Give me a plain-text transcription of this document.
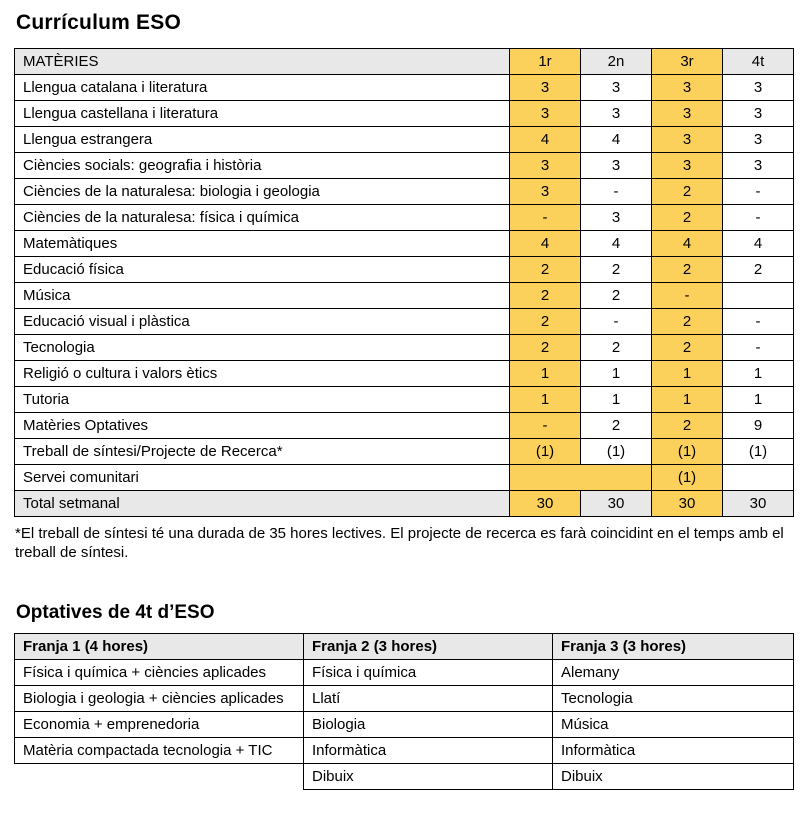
Currículum ESO
MATÈRIES	1r	2n	3r	4t
Llengua catalana i literatura	3	3	3	3
Llengua castellana i literatura	3	3	3	3
Llengua estrangera	4	4	3	3
Ciències socials: geografia i història	3	3	3	3
Ciències de la naturalesa: biologia i geologia	3	-	2	-
Ciències de la naturalesa: física i química	-	3	2	-
Matemàtiques	4	4	4	4
Educació física	2	2	2	2
Música	2	2	-	
Educació visual i plàstica	2	-	2	-
Tecnologia	2	2	2	-
Religió o cultura i valors ètics	1	1	1	1
Tutoria	1	1	1	1
Matèries Optatives	-	2	2	9
Treball de síntesi/Projecte de Recerca*	(1)	(1)	(1)	(1)
Servei comunitari			(1)	
Total setmanal	30	30	30	30

*El treball de síntesi té una durada de 35 hores lectives. El projecte de recerca es farà coincidint en el temps amb el treball de síntesi.

Optatives de 4t d’ESO
Franja 1 (4 hores)	Franja 2 (3 hores)	Franja 3 (3 hores)
Física i química + ciències aplicades	Física i química	Alemany
Biologia i geologia + ciències aplicades	Llatí	Tecnologia
Economia + emprenedoria	Biologia	Música
Matèria compactada tecnologia + TIC	Informàtica	Informàtica
	Dibuix	Dibuix
